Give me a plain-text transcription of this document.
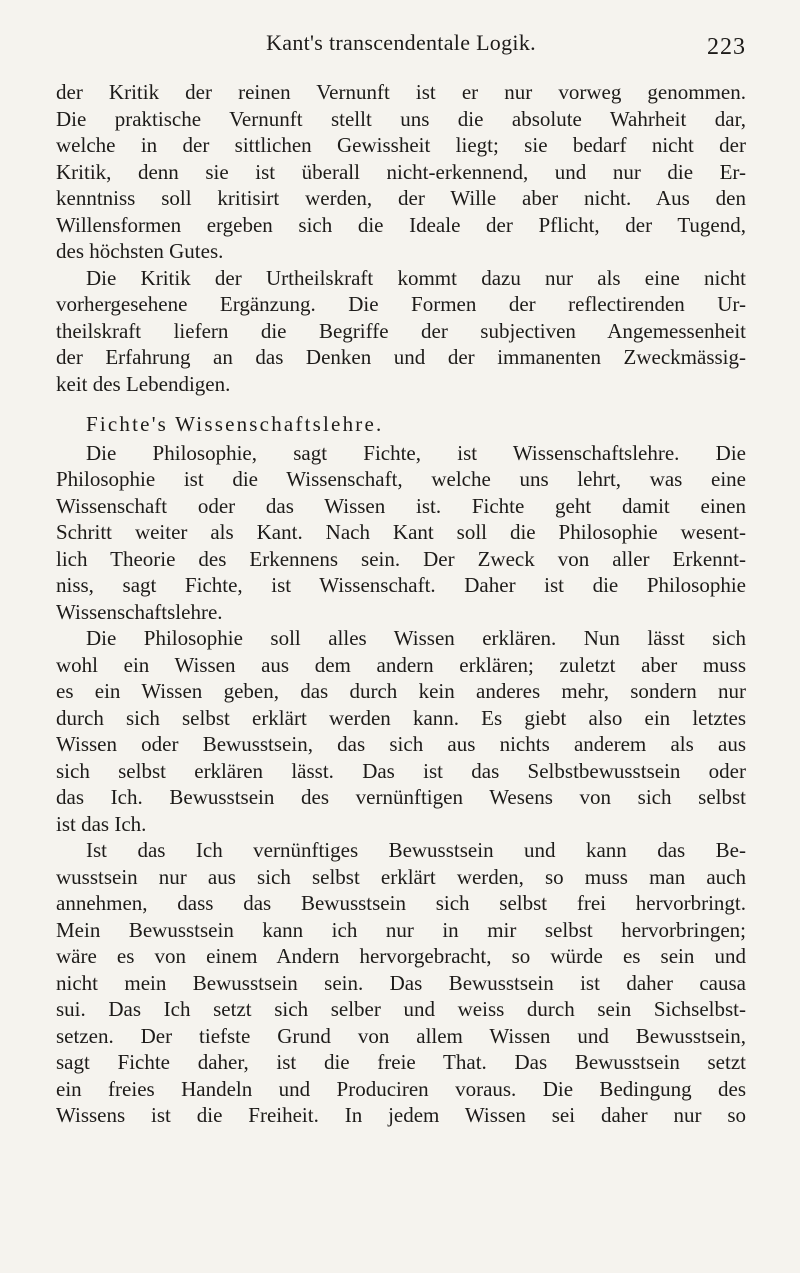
Kant's transcendentale Logik.	223
der Kritik der reinen Vernunft ist er nur vorweg genommen.
Die praktische Vernunft stellt uns die absolute Wahrheit dar,
welche in der sittlichen Gewissheit liegt; sie bedarf nicht der
Kritik, denn sie ist überall nicht-erkennend, und nur die Er-
kenntniss soll kritisirt werden, der Wille aber nicht. Aus den
Willensformen ergeben sich die Ideale der Pflicht, der Tugend,
des höchsten Gutes.
Die Kritik der Urtheilskraft kommt dazu nur als eine nicht
vorhergesehene Ergänzung. Die Formen der reflectirenden Ur-
theilskraft liefern die Begriffe der subjectiven Angemessenheit
der Erfahrung an das Denken und der immanenten Zweckmässig-
keit des Lebendigen.
Fichte's Wissenschaftslehre.
Die Philosophie, sagt Fichte, ist Wissenschaftslehre. Die
Philosophie ist die Wissenschaft, welche uns lehrt, was eine
Wissenschaft oder das Wissen ist. Fichte geht damit einen
Schritt weiter als Kant. Nach Kant soll die Philosophie wesent-
lich Theorie des Erkennens sein. Der Zweck von aller Erkennt-
niss, sagt Fichte, ist Wissenschaft. Daher ist die Philosophie
Wissenschaftslehre.
Die Philosophie soll alles Wissen erklären. Nun lässt sich
wohl ein Wissen aus dem andern erklären; zuletzt aber muss
es ein Wissen geben, das durch kein anderes mehr, sondern nur
durch sich selbst erklärt werden kann. Es giebt also ein letztes
Wissen oder Bewusstsein, das sich aus nichts anderem als aus
sich selbst erklären lässt. Das ist das Selbstbewusstsein oder
das Ich. Bewusstsein des vernünftigen Wesens von sich selbst
ist das Ich.
Ist das Ich vernünftiges Bewusstsein und kann das Be-
wusstsein nur aus sich selbst erklärt werden, so muss man auch
annehmen, dass das Bewusstsein sich selbst frei hervorbringt.
Mein Bewusstsein kann ich nur in mir selbst hervorbringen;
wäre es von einem Andern hervorgebracht, so würde es sein und
nicht mein Bewusstsein sein. Das Bewusstsein ist daher causa
sui. Das Ich setzt sich selber und weiss durch sein Sichselbst-
setzen. Der tiefste Grund von allem Wissen und Bewusstsein,
sagt Fichte daher, ist die freie That. Das Bewusstsein setzt
ein freies Handeln und Produciren voraus. Die Bedingung des
Wissens ist die Freiheit. In jedem Wissen sei daher nur so
